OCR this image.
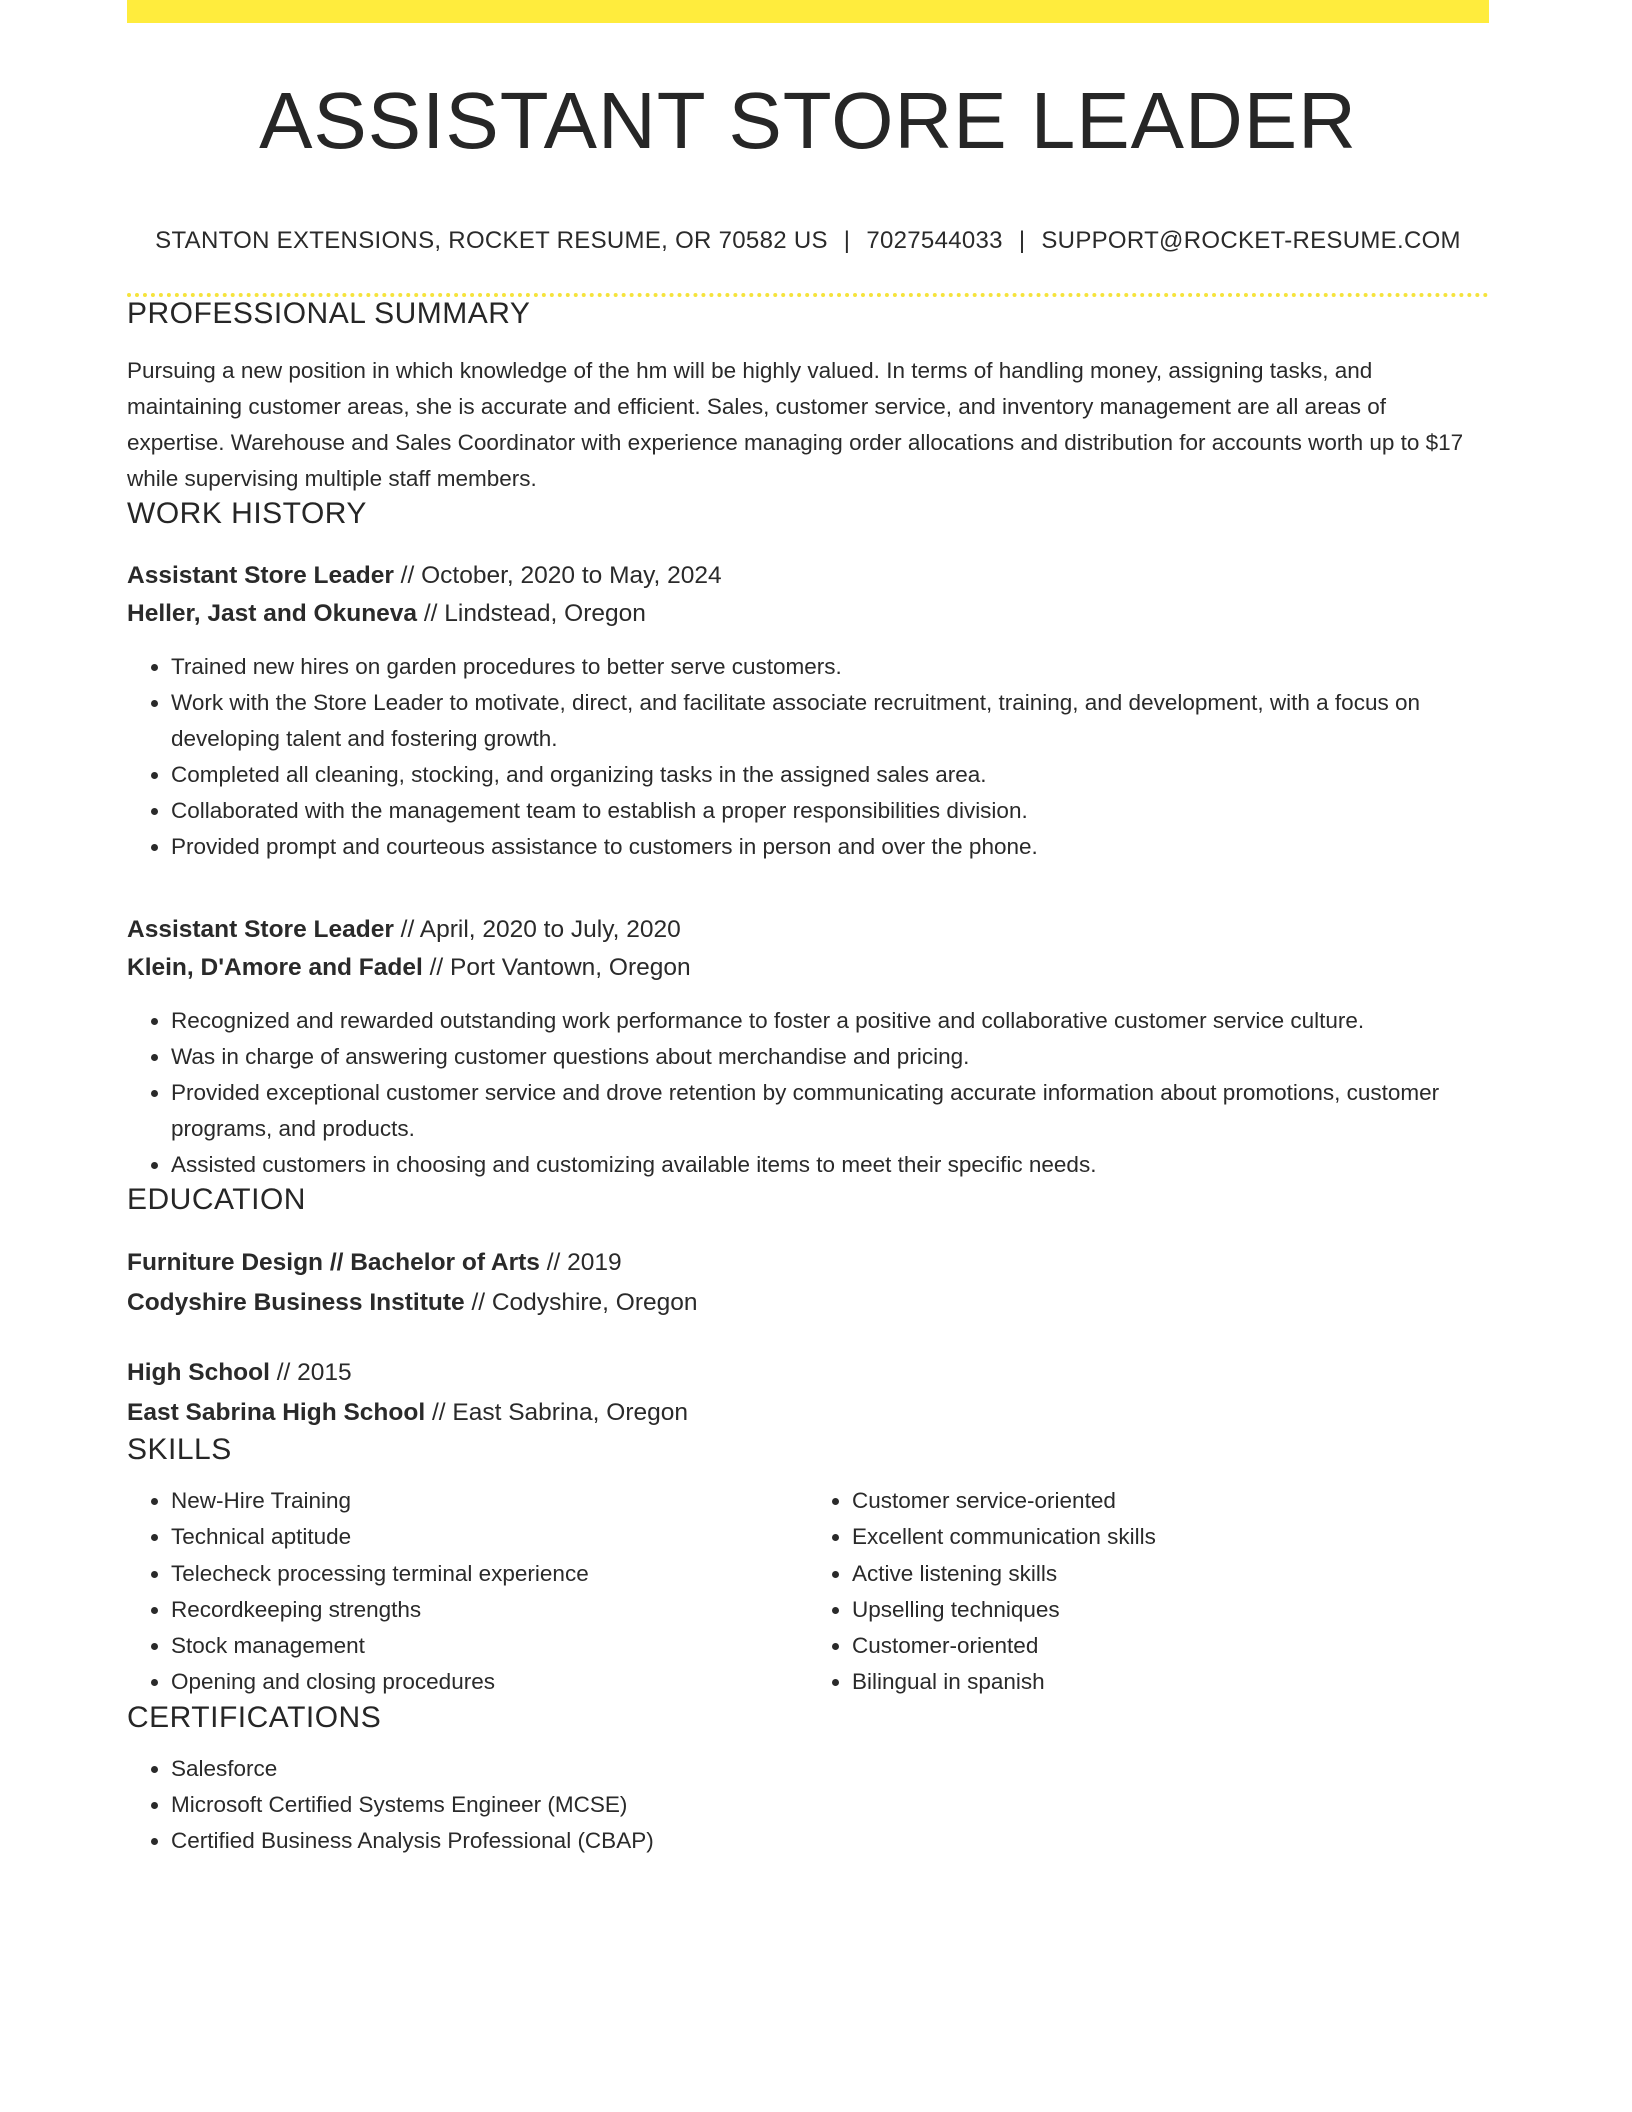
ASSISTANT STORE LEADER
STANTON EXTENSIONS, ROCKET RESUME, OR 70582 US | 7027544033 | SUPPORT@ROCKET-RESUME.COM
PROFESSIONAL SUMMARY
Pursuing a new position in which knowledge of the hm will be highly valued. In terms of handling money, assigning tasks, and maintaining customer areas, she is accurate and efficient. Sales, customer service, and inventory management are all areas of expertise. Warehouse and Sales Coordinator with experience managing order allocations and distribution for accounts worth up to $17 while supervising multiple staff members.
WORK HISTORY
Assistant Store Leader // October, 2020 to May, 2024
Heller, Jast and Okuneva // Lindstead, Oregon
• Trained new hires on garden procedures to better serve customers.
• Work with the Store Leader to motivate, direct, and facilitate associate recruitment, training, and development, with a focus on developing talent and fostering growth.
• Completed all cleaning, stocking, and organizing tasks in the assigned sales area.
• Collaborated with the management team to establish a proper responsibilities division.
• Provided prompt and courteous assistance to customers in person and over the phone.
Assistant Store Leader // April, 2020 to July, 2020
Klein, D'Amore and Fadel // Port Vantown, Oregon
• Recognized and rewarded outstanding work performance to foster a positive and collaborative customer service culture.
• Was in charge of answering customer questions about merchandise and pricing.
• Provided exceptional customer service and drove retention by communicating accurate information about promotions, customer programs, and products.
• Assisted customers in choosing and customizing available items to meet their specific needs.
EDUCATION
Furniture Design // Bachelor of Arts // 2019
Codyshire Business Institute // Codyshire, Oregon
High School // 2015
East Sabrina High School // East Sabrina, Oregon
SKILLS
• New-Hire Training
• Technical aptitude
• Telecheck processing terminal experience
• Recordkeeping strengths
• Stock management
• Opening and closing procedures
• Customer service-oriented
• Excellent communication skills
• Active listening skills
• Upselling techniques
• Customer-oriented
• Bilingual in spanish
CERTIFICATIONS
• Salesforce
• Microsoft Certified Systems Engineer (MCSE)
• Certified Business Analysis Professional (CBAP)
